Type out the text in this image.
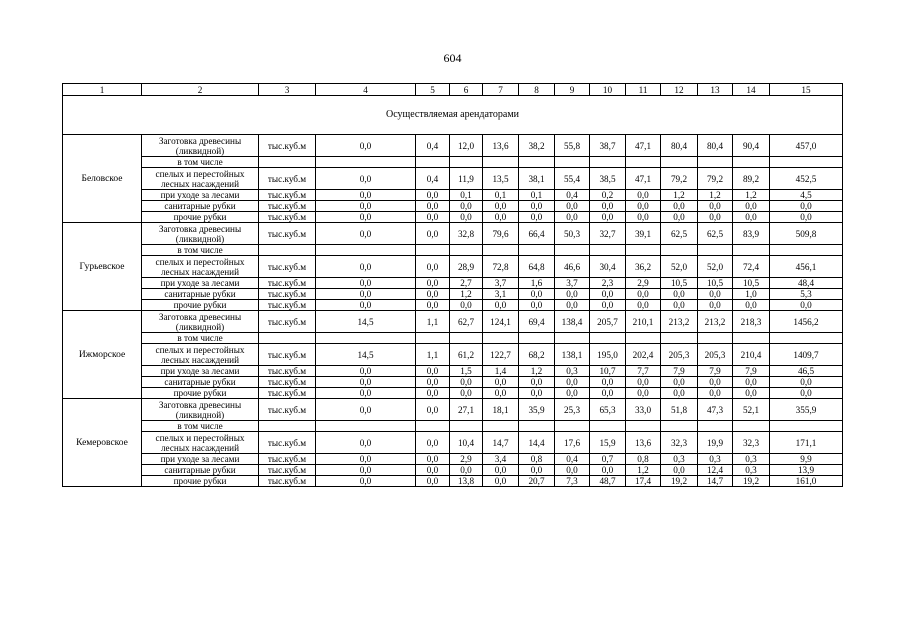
604
1	2	3	4	5	6	7	8	9	10	11	12	13	14	15
Осуществляемая арендаторами														
Беловское	Заготовка древесины (ликвидной)	тыс.куб.м	0,0	0,4	12,0	13,6	38,2	55,8	38,7	47,1	80,4	80,4	90,4	457,0
	в том числе													
	спелых и перестойных лесных насаждений	тыс.куб.м	0,0	0,4	11,9	13,5	38,1	55,4	38,5	47,1	79,2	79,2	89,2	452,5
	при уходе за лесами	тыс.куб.м	0,0	0,0	0,1	0,1	0,1	0,4	0,2	0,0	1,2	1,2	1,2	4,5
	санитарные рубки	тыс.куб.м	0,0	0,0	0,0	0,0	0,0	0,0	0,0	0,0	0,0	0,0	0,0	0,0
	прочие рубки	тыс.куб.м	0,0	0,0	0,0	0,0	0,0	0,0	0,0	0,0	0,0	0,0	0,0	0,0
Гурьевское	Заготовка древесины (ликвидной)	тыс.куб.м	0,0	0,0	32,8	79,6	66,4	50,3	32,7	39,1	62,5	62,5	83,9	509,8
	в том числе													
	спелых и перестойных лесных насаждений	тыс.куб.м	0,0	0,0	28,9	72,8	64,8	46,6	30,4	36,2	52,0	52,0	72,4	456,1
	при уходе за лесами	тыс.куб.м	0,0	0,0	2,7	3,7	1,6	3,7	2,3	2,9	10,5	10,5	10,5	48,4
	санитарные рубки	тыс.куб.м	0,0	0,0	1,2	3,1	0,0	0,0	0,0	0,0	0,0	0,0	1,0	5,3
	прочие рубки	тыс.куб.м	0,0	0,0	0,0	0,0	0,0	0,0	0,0	0,0	0,0	0,0	0,0	0,0
Ижморское	Заготовка древесины (ликвидной)	тыс.куб.м	14,5	1,1	62,7	124,1	69,4	138,4	205,7	210,1	213,2	213,2	218,3	1456,2
	в том числе													
	спелых и перестойных лесных насаждений	тыс.куб.м	14,5	1,1	61,2	122,7	68,2	138,1	195,0	202,4	205,3	205,3	210,4	1409,7
	при уходе за лесами	тыс.куб.м	0,0	0,0	1,5	1,4	1,2	0,3	10,7	7,7	7,9	7,9	7,9	46,5
	санитарные рубки	тыс.куб.м	0,0	0,0	0,0	0,0	0,0	0,0	0,0	0,0	0,0	0,0	0,0	0,0
	прочие рубки	тыс.куб.м	0,0	0,0	0,0	0,0	0,0	0,0	0,0	0,0	0,0	0,0	0,0	0,0
Кемеровское	Заготовка древесины (ликвидной)	тыс.куб.м	0,0	0,0	27,1	18,1	35,9	25,3	65,3	33,0	51,8	47,3	52,1	355,9
	в том числе													
	спелых и перестойных лесных насаждений	тыс.куб.м	0,0	0,0	10,4	14,7	14,4	17,6	15,9	13,6	32,3	19,9	32,3	171,1
	при уходе за лесами	тыс.куб.м	0,0	0,0	2,9	3,4	0,8	0,4	0,7	0,8	0,3	0,3	0,3	9,9
	санитарные рубки	тыс.куб.м	0,0	0,0	0,0	0,0	0,0	0,0	0,0	1,2	0,0	12,4	0,3	13,9
	прочие рубки	тыс.куб.м	0,0	0,0	13,8	0,0	20,7	7,3	48,7	17,4	19,2	14,7	19,2	161,0
